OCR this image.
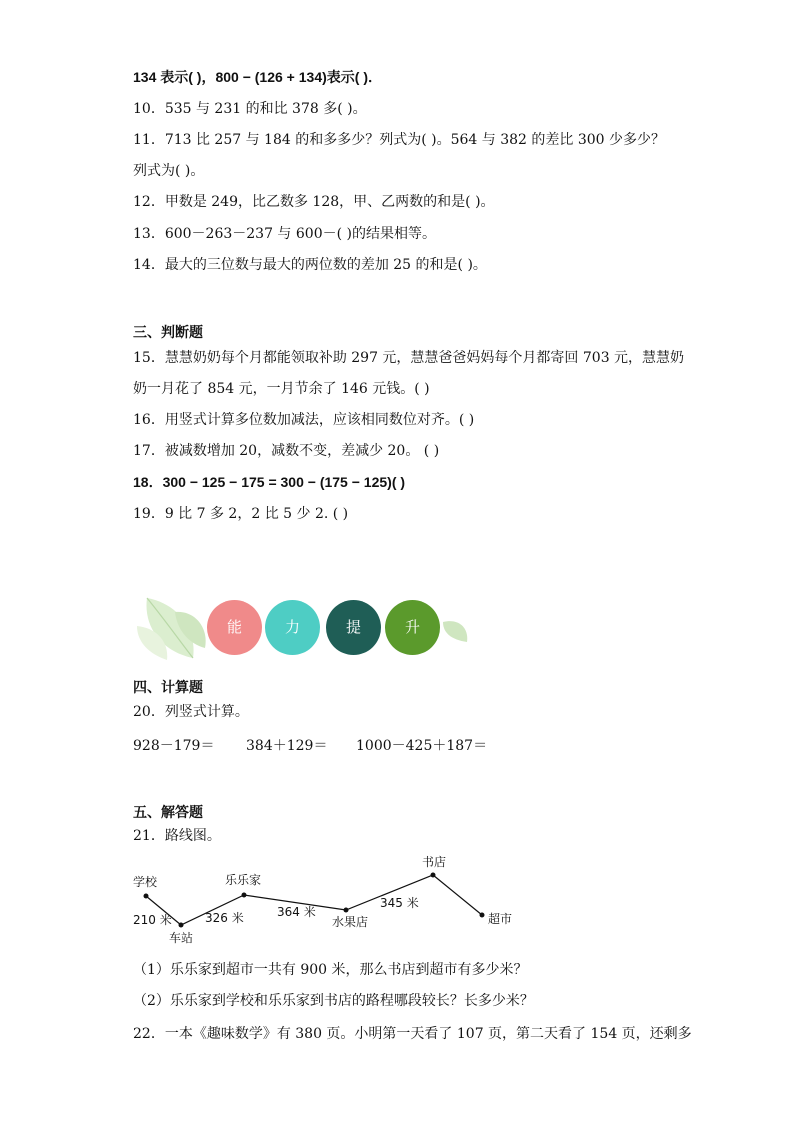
134 表示( )，800 − (126 + 134)表示( )．
10．535 与 231 的和比 378 多( )。
11．713 比 257 与 184 的和多多少？列式为( )。564 与 382 的差比 300 少多少？
列式为( )。
12．甲数是 249，比乙数多 128，甲、乙两数的和是( )。
13．600－263－237 与 600－( )的结果相等。
14．最大的三位数与最大的两位数的差加 25 的和是( )。
三、判断题
15．慧慧奶奶每个月都能领取补助 297 元，慧慧爸爸妈妈每个月都寄回 703 元，慧慧奶
奶一月花了 854 元，一月节余了 146 元钱。( )
16．用竖式计算多位数加减法，应该相同数位对齐。( )
17．被减数增加 20，减数不变，差减少 20。 ( )
18．300 − 125 − 175 = 300 − (175 − 125)( )
19．9 比 7 多 2，2 比 5 少 2. ( )
能	力	提	升
四、计算题
20．列竖式计算。
928－179＝ 384＋129＝ 1000－425＋187＝
五、解答题
21．路线图。
学校
车站
乐乐家
水果店
书店
超市
210 米	326 米	364 米
345 米
（1）乐乐家到超市一共有 900 米，那么书店到超市有多少米？
（2）乐乐家到学校和乐乐家到书店的路程哪段较长？长多少米？
22．一本《趣味数学》有 380 页。小明第一天看了 107 页，第二天看了 154 页，还剩多
